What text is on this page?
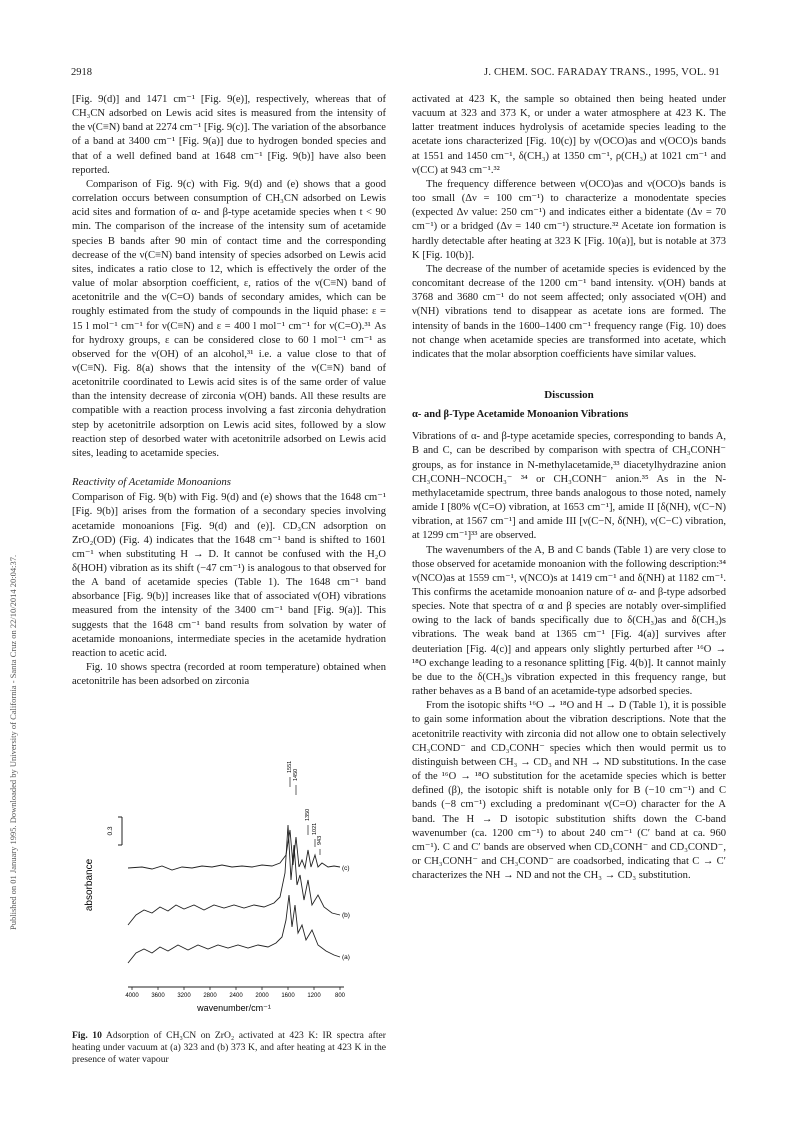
2918	J. CHEM. SOC. FARADAY TRANS., 1995, VOL. 91
Published on 01 January 1995. Downloaded by University of California - Santa Cruz on 22/10/2014 20:04:37.

[Fig. 9(d)] and 1471 cm⁻¹ [Fig. 9(e)], respectively, whereas that of CH₃CN adsorbed on Lewis acid sites is measured from the intensity of the ν(C≡N) band at 2274 cm⁻¹ [Fig. 9(c)]. The variation of the absorbance of a band at 3400 cm⁻¹ [Fig. 9(a)] due to hydrogen bonded species and that of a well defined band at 1648 cm⁻¹ [Fig. 9(b)] have also been reported.

Comparison of Fig. 9(c) with Fig. 9(d) and (e) shows that a good correlation occurs between consumption of CH₃CN adsorbed on Lewis acid sites and formation of α- and β-type acetamide species when t < 90 min. The comparison of the increase of the intensity sum of acetamide species B bands after 90 min of contact time and the corresponding decrease of the ν(C≡N) band intensity of species adsorbed on Lewis acid sites, indicates a ratio close to 12, which is effectively the order of the value of molar absorption coefficient, ε, ratios of the ν(C≡N) band of acetonitrile and the ν(C=O) bands of secondary amides, which can be roughly estimated from the study of compounds in the liquid phase: ε = 15 l mol⁻¹ cm⁻¹ for ν(C≡N) and ε = 400 l mol⁻¹ cm⁻¹ for ν(C=O).³¹ As for hydroxy groups, ε can be considered close to 60 l mol⁻¹ cm⁻¹ as observed for the ν(OH) of an alcohol,³¹ i.e. a value close to that of ν(C≡N). Fig. 8(a) shows that the intensity of the ν(C≡N) band of acetonitrile coordinated to Lewis acid sites is of the same order of value than the intensity decrease of zirconia ν(OH) bands. All these results are compatible with a reaction process involving a fast zirconia dehydration step by acetonitrile adsorption on Lewis acid sites, followed by a slow reaction step of desorbed water with acetonitrile adsorbed on Lewis acid sites, leading to acetamide species.

Reactivity of Acetamide Monoanions

Comparison of Fig. 9(b) with Fig. 9(d) and (e) shows that the 1648 cm⁻¹ [Fig. 9(b)] arises from the formation of a secondary species involving acetamide monoanions [Fig. 9(d) and (e)]. CD₃CN adsorption on ZrO₂(OD) (Fig. 4) indicates that the 1648 cm⁻¹ band is shifted to 1601 cm⁻¹ when substituting H → D. It cannot be confused with the H₂O δ(HOH) vibration as its shift (−47 cm⁻¹) is analogous to that observed for the A band of acetamide species (Table 1). The 1648 cm⁻¹ band absorbance [Fig. 9(b)] increases like that of associated ν(OH) vibrations measured from the intensity of the 3400 cm⁻¹ band [Fig. 9(a)]. This suggests that the 1648 cm⁻¹ band results from solvation by water of acetamide monoanions, intermediate species in the acetamide hydration reaction to acetic acid.

Fig. 10 shows spectra (recorded at room temperature) obtained when acetonitrile has been adsorbed on zirconia

activated at 423 K, the sample so obtained then being heated under vacuum at 323 and 373 K, or under a water atmosphere at 423 K. The latter treatment induces hydrolysis of acetamide species leading to the acetate ions characterized [Fig. 10(c)] by ν(OCO)as and ν(OCO)s bands at 1551 and 1450 cm⁻¹, δ(CH₃) at 1350 cm⁻¹, ρ(CH₃) at 1021 cm⁻¹ and ν(CC) at 943 cm⁻¹.³²

The frequency difference between ν(OCO)as and ν(OCO)s bands is too small (Δν = 100 cm⁻¹) to characterize a monodentate species (expected Δν value: 250 cm⁻¹) and indicates either a bidentate (Δν = 70 cm⁻¹) or a bridged (Δν = 140 cm⁻¹) structure.³² Acetate ion formation is hardly detectable after heating at 323 K [Fig. 10(a)], but is notable at 373 K [Fig. 10(b)].

The decrease of the number of acetamide species is evidenced by the concomitant decrease of the 1200 cm⁻¹ band intensity. ν(OH) bands at 3768 and 3680 cm⁻¹ do not seem affected; only associated ν(OH) and ν(NH) vibrations tend to disappear as acetate ions are formed. The intensity of bands in the 1600–1400 cm⁻¹ frequency range (Fig. 10) does not change when acetamide species are transformed into acetate, which indicates that the molar absorption coefficients have similar values.

Discussion
α- and β-Type Acetamide Monoanion Vibrations

Vibrations of α- and β-type acetamide species, corresponding to bands A, B and C, can be described by comparison with spectra of CH₃CONH⁻ groups, as for instance in N-methylacetamide,³³ diacetylhydrazine anion CH₃CONH−NCOCH₃⁻ ³⁴ or CH₃CONH⁻ anion.³⁵ As in the N-methylacetamide spectrum, three bands analogous to those noted, namely amide I [80% ν(C=O) vibration, at 1653 cm⁻¹], amide II [δ(NH), ν(C−N) vibration, at 1567 cm⁻¹] and amide III [ν(C−N, δ(NH), ν(C−C) vibration, at 1299 cm⁻¹]³³ are observed.

The wavenumbers of the A, B and C bands (Table 1) are very close to those observed for acetamide monoanion with the following description:³⁴ ν(NCO)as at 1559 cm⁻¹, ν(NCO)s at 1419 cm⁻¹ and δ(NH) at 1182 cm⁻¹. This confirms the acetamide monoanion nature of α- and β-type adsorbed species. Note that spectra of α and β species are notably over-simplified owing to the lack of bands specifically due to δ(CH₃)as and δ(CH₃)s vibrations. The weak band at 1365 cm⁻¹ [Fig. 4(a)] survives after deuteriation [Fig. 4(c)] and appears only slightly perturbed after ¹⁶O → ¹⁸O exchange leading to a resonance splitting [Fig. 4(b)]. It cannot mainly be due to the δ(CH₃)s vibration expected in this frequency range, but rather behaves as a B band of an acetamide-type adsorbed species.

From the isotopic shifts ¹⁶O → ¹⁸O and H → D (Table 1), it is possible to gain some information about the vibration descriptions. Note that the acetonitrile reactivity with zirconia did not allow one to obtain selectively CH₃COND⁻ and CD₃CONH⁻ species which then would permit us to distinguish between CH₃ → CD₃ and NH → ND substitutions. In the case of the ¹⁶O → ¹⁸O substitution for the acetamide species which is better defined (β), the isotopic shift is notable only for B (−10 cm⁻¹) and C bands (−8 cm⁻¹) excluding a predominant ν(C=O) character for the A band. The H → D isotopic substitution shifts down the C-band wavenumber (ca. 1200 cm⁻¹) to about 240 cm⁻¹ (C′ band at ca. 960 cm⁻¹). C and C′ bands are observed when CD₃CONH⁻ and CD₃COND⁻, or CH₃CONH⁻ and CH₃COND⁻ are coadsorbed, indicating that C → C′ characterizes the NH → ND and not the CH₃ → CD₃ substitution.

absorbance
0.3
(c)
(b)
(a)
1551
1450
1350
1021
943
4000 3600 3200 2800 2400 2000 1600 1200 800
wavenumber/cm⁻¹
Fig. 10 Adsorption of CH₃CN on ZrO₂ activated at 423 K: IR spectra after heating under vacuum at (a) 323 and (b) 373 K, and after heating at 423 K in the presence of water vapour
